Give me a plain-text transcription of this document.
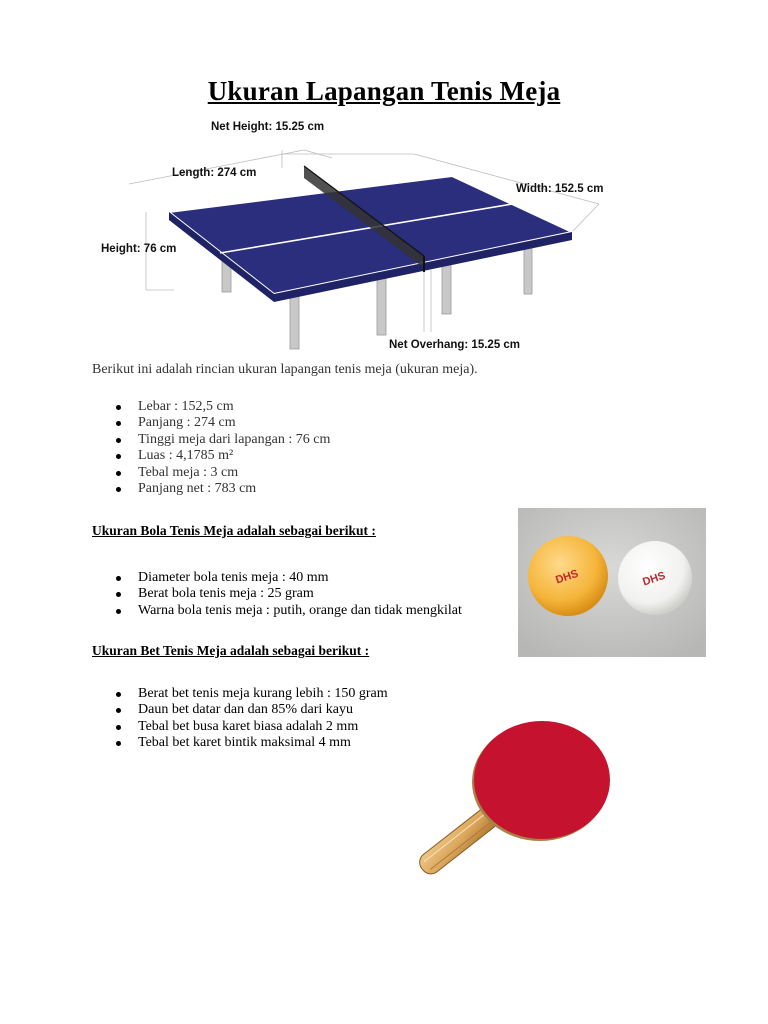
Ukuran Lapangan Tenis Meja
Net Height: 15.25 cm
Length: 274 cm
Width: 152.5 cm
Height: 76 cm
Net Overhang: 15.25 cm
Berikut ini adalah rincian ukuran lapangan tenis meja (ukuran meja).
Lebar : 152,5 cm
Panjang : 274 cm
Tinggi meja dari lapangan : 76 cm
Luas : 4,1785 m²
Tebal meja : 3 cm
Panjang net : 783 cm
Ukuran Bola Tenis Meja adalah sebagai berikut :
Diameter bola tenis meja : 40 mm
Berat bola tenis meja : 25 gram
Warna bola tenis meja : putih, orange dan tidak mengkilat
DHS	DHS
Ukuran Bet Tenis Meja adalah sebagai berikut :
Berat bet tenis meja kurang lebih : 150 gram
Daun bet datar dan dan 85% dari kayu
Tebal bet busa karet biasa adalah 2 mm
Tebal bet karet bintik maksimal 4 mm
